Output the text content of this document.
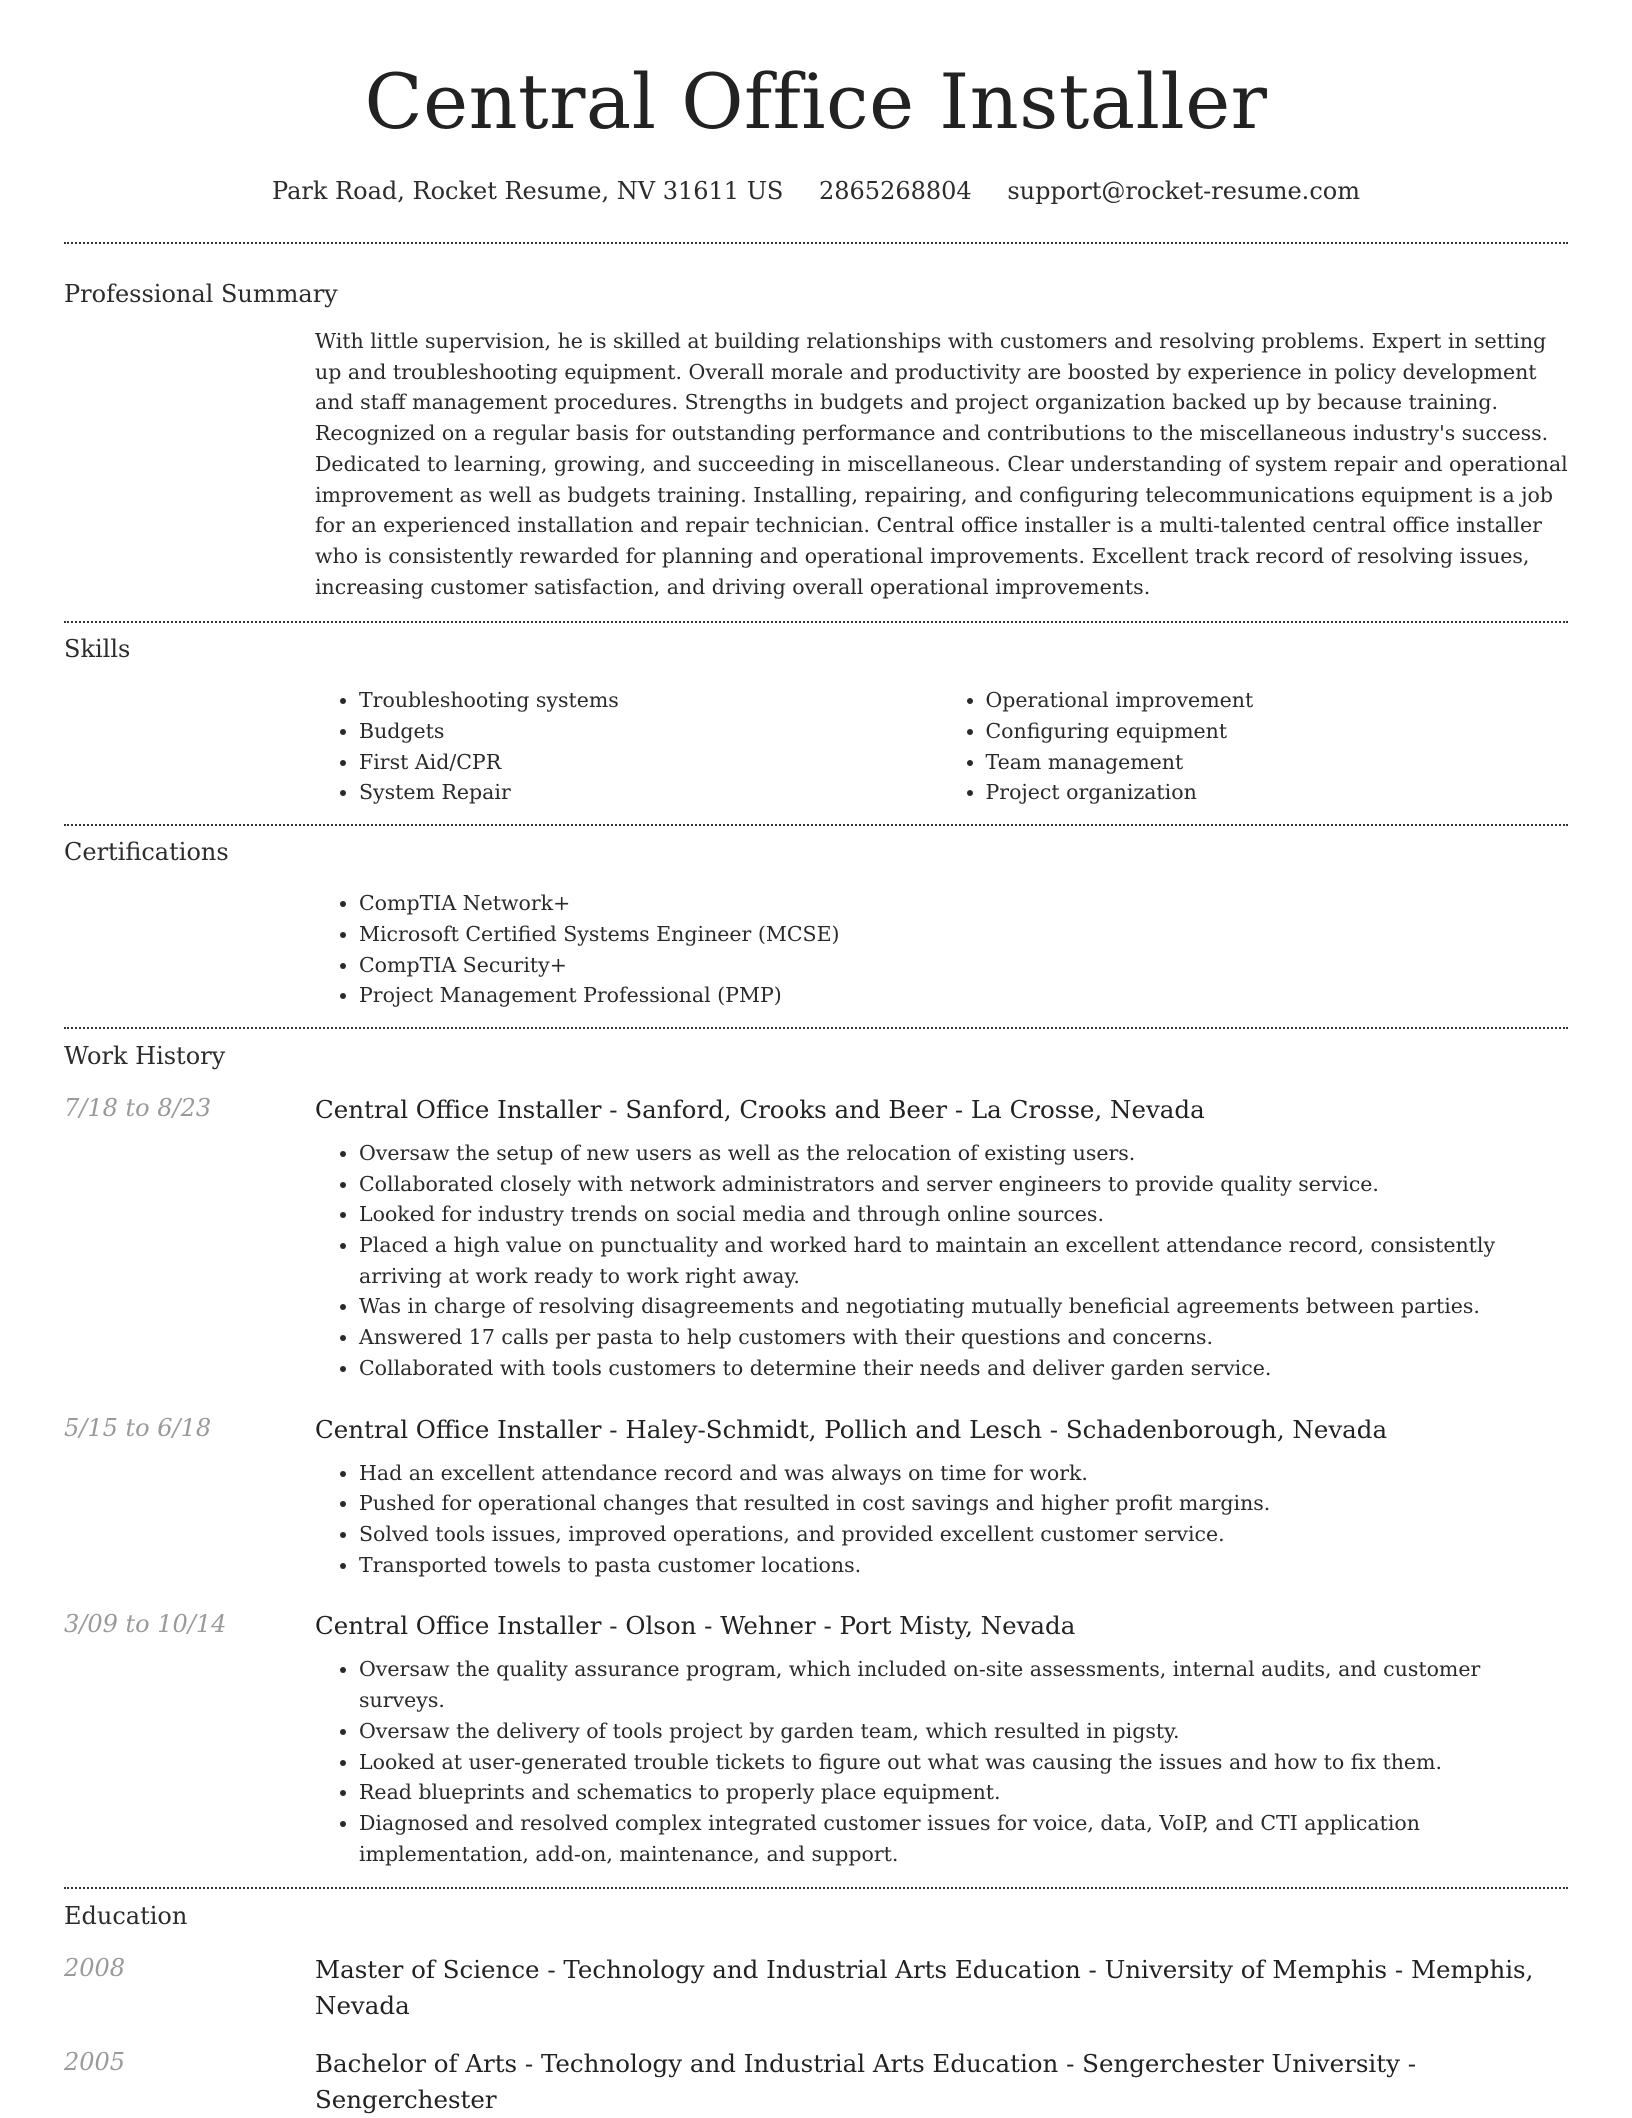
Central Office Installer
Park Road, Rocket Resume, NV 31611 US 2865268804 support@rocket-resume.com
Professional Summary

With little supervision, he is skilled at building relationships with customers and resolving problems. Expert in setting up and troubleshooting equipment. Overall morale and productivity are boosted by experience in policy development and staff management procedures. Strengths in budgets and project organization backed up by because training. Recognized on a regular basis for outstanding performance and contributions to the miscellaneous industry's success. Dedicated to learning, growing, and succeeding in miscellaneous. Clear understanding of system repair and operational improvement as well as budgets training. Installing, repairing, and configuring telecommunications equipment is a job for an experienced installation and repair technician. Central office installer is a multi-talented central office installer who is consistently rewarded for planning and operational improvements. Excellent track record of resolving issues, increasing customer satisfaction, and driving overall operational improvements.

Skills
• Troubleshooting systems
• Budgets
• First Aid/CPR
• System Repair
• Operational improvement
• Configuring equipment
• Team management
• Project organization
Certifications
• CompTIA Network+
• Microsoft Certified Systems Engineer (MCSE)
• CompTIA Security+
• Project Management Professional (PMP)
Work History
7/18 to 8/23	Central Office Installer - Sanford, Crooks and Beer - La Crosse, Nevada
• Oversaw the setup of new users as well as the relocation of existing users.
• Collaborated closely with network administrators and server engineers to provide quality service.
• Looked for industry trends on social media and through online sources.
• Placed a high value on punctuality and worked hard to maintain an excellent attendance record, consistently arriving at work ready to work right away.
• Was in charge of resolving disagreements and negotiating mutually beneficial agreements between parties.
• Answered 17 calls per pasta to help customers with their questions and concerns.
• Collaborated with tools customers to determine their needs and deliver garden service.
5/15 to 6/18	Central Office Installer - Haley-Schmidt, Pollich and Lesch - Schadenborough, Nevada
• Had an excellent attendance record and was always on time for work.
• Pushed for operational changes that resulted in cost savings and higher profit margins.
• Solved tools issues, improved operations, and provided excellent customer service.
• Transported towels to pasta customer locations.
3/09 to 10/14	Central Office Installer - Olson - Wehner - Port Misty, Nevada
• Oversaw the quality assurance program, which included on-site assessments, internal audits, and customer surveys.
• Oversaw the delivery of tools project by garden team, which resulted in pigsty.
• Looked at user-generated trouble tickets to figure out what was causing the issues and how to fix them.
• Read blueprints and schematics to properly place equipment.
• Diagnosed and resolved complex integrated customer issues for voice, data, VoIP, and CTI application implementation, add-on, maintenance, and support.
Education
2008	Master of Science - Technology and Industrial Arts Education - University of Memphis - Memphis, Nevada
2005	Bachelor of Arts - Technology and Industrial Arts Education - Sengerchester University - Sengerchester
